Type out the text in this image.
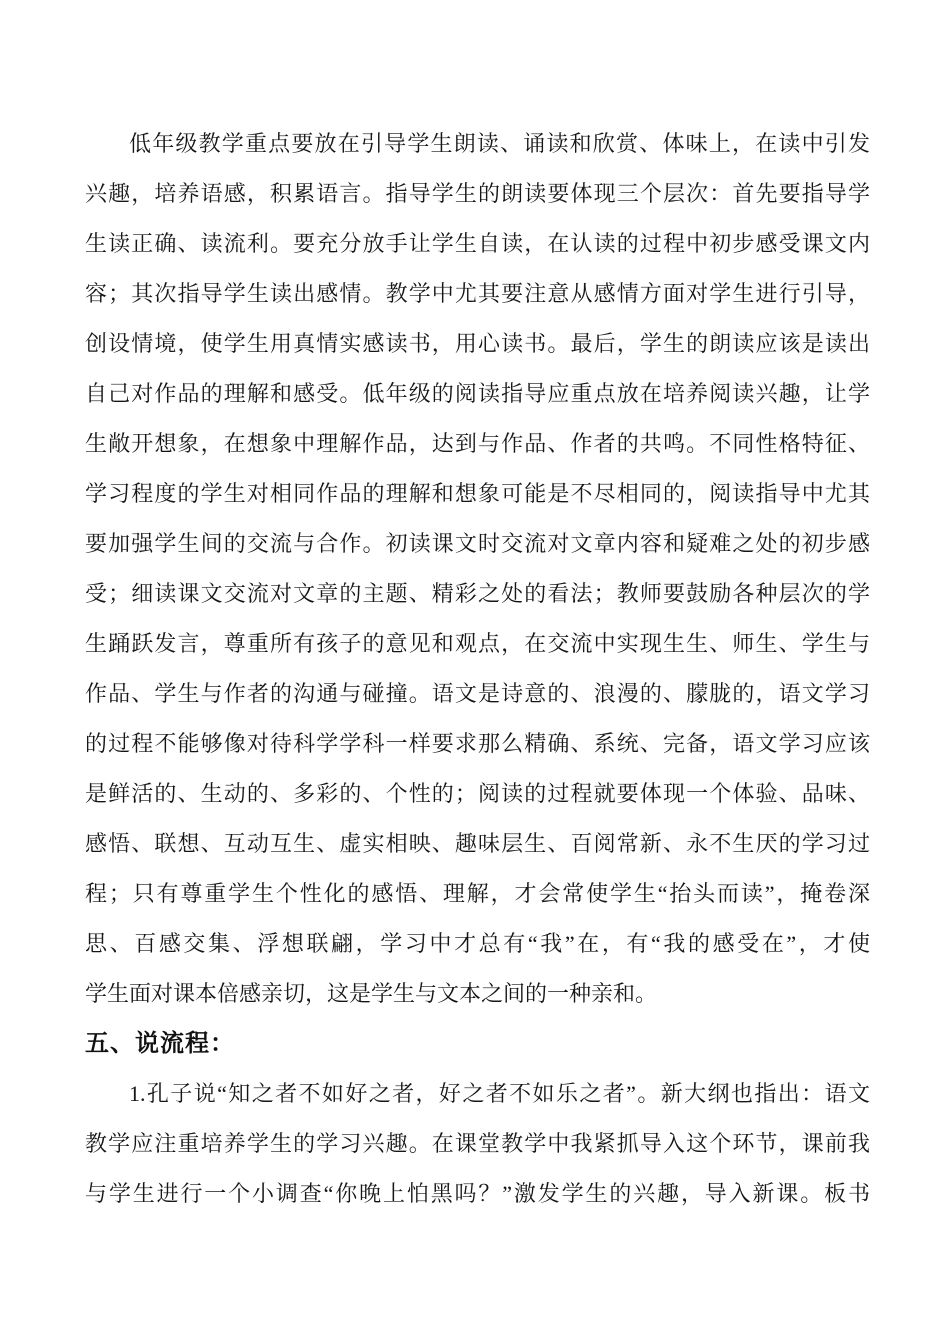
低年级教学重点要放在引导学生朗读、诵读和欣赏、体味上，在读中引发
兴趣，培养语感，积累语言。指导学生的朗读要体现三个层次：首先要指导学
生读正确、读流利。要充分放手让学生自读，在认读的过程中初步感受课文内
容；其次指导学生读出感情。教学中尤其要注意从感情方面对学生进行引导，
创设情境，使学生用真情实感读书，用心读书。最后，学生的朗读应该是读出
自己对作品的理解和感受。低年级的阅读指导应重点放在培养阅读兴趣，让学
生敞开想象，在想象中理解作品，达到与作品、作者的共鸣。不同性格特征、
学习程度的学生对相同作品的理解和想象可能是不尽相同的，阅读指导中尤其
要加强学生间的交流与合作。初读课文时交流对文章内容和疑难之处的初步感
受；细读课文交流对文章的主题、精彩之处的看法；教师要鼓励各种层次的学
生踊跃发言，尊重所有孩子的意见和观点，在交流中实现生生、师生、学生与
作品、学生与作者的沟通与碰撞。语文是诗意的、浪漫的、朦胧的，语文学习
的过程不能够像对待科学学科一样要求那么精确、系统、完备，语文学习应该
是鲜活的、生动的、多彩的、个性的；阅读的过程就要体现一个体验、品味、
感悟、联想、互动互生、虚实相映、趣味层生、百阅常新、永不生厌的学习过
程；只有尊重学生个性化的感悟、理解，才会常使学生“抬头而读”，掩卷深
思、百感交集、浮想联翩，学习中才总有“我”在，有“我的感受在”，才使
学生面对课本倍感亲切，这是学生与文本之间的一种亲和。
五、说流程：
1.孔子说“知之者不如好之者，好之者不如乐之者”。新大纲也指出：语文
教学应注重培养学生的学习兴趣。在课堂教学中我紧抓导入这个环节，课前我
与学生进行一个小调查“你晚上怕黑吗？”激发学生的兴趣，导入新课。板书
